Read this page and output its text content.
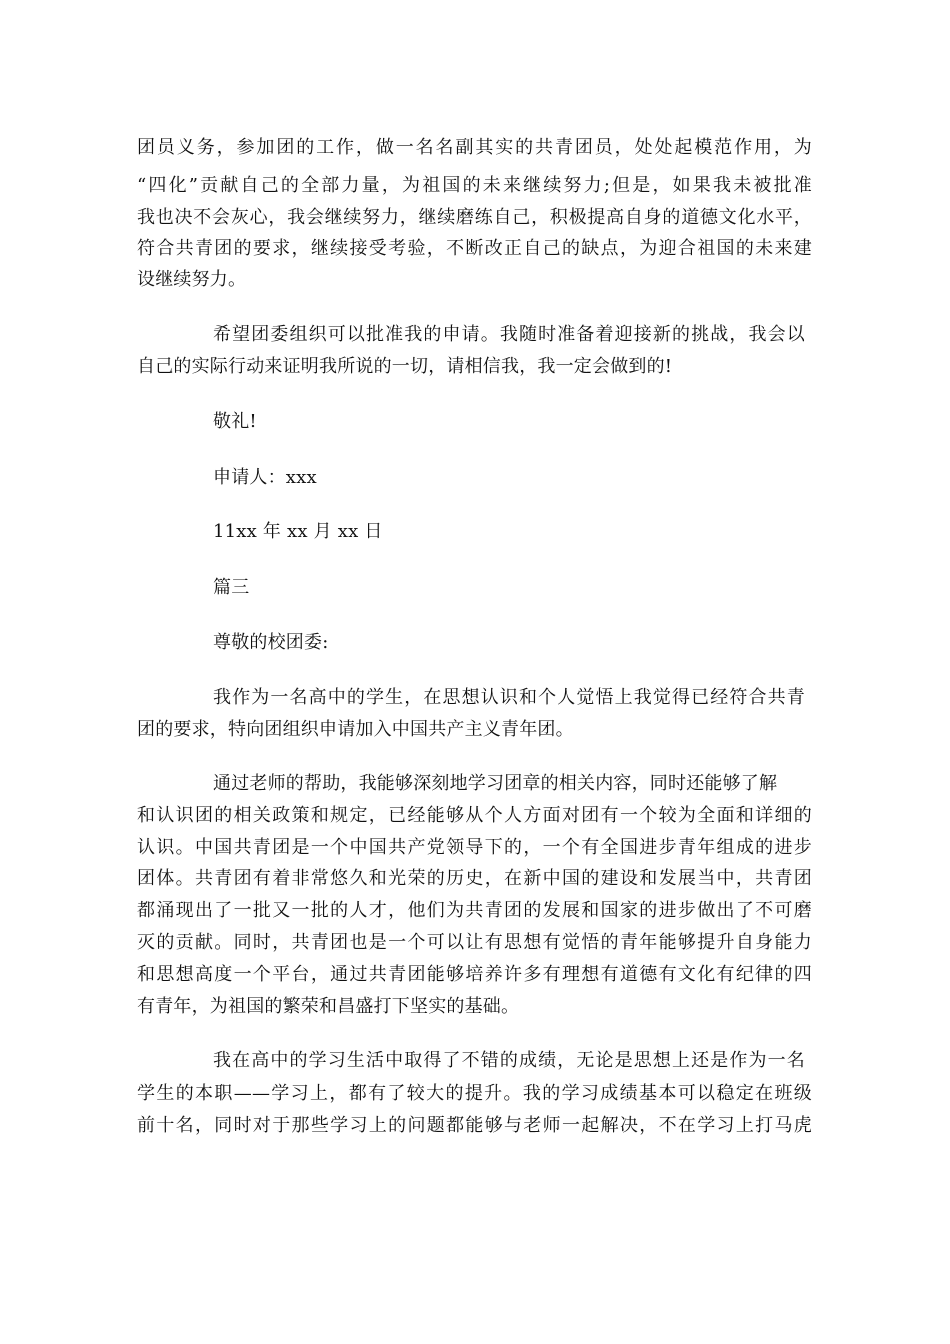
团员义务，参加团的工作，做一名名副其实的共青团员，处处起模范作用，为
“四化”贡献自己的全部力量，为祖国的未来继续努力;但是，如果我未被批准
我也决不会灰心，我会继续努力，继续磨练自己，积极提高自身的道德文化水平，
符合共青团的要求，继续接受考验，不断改正自己的缺点，为迎合祖国的未来建
设继续努力。
希望团委组织可以批准我的申请。我随时准备着迎接新的挑战，我会以
自己的实际行动来证明我所说的一切，请相信我，我一定会做到的!
敬礼!
申请人：xxx
11xx 年 xx 月 xx 日
篇三
尊敬的校团委:
我作为一名高中的学生，在思想认识和个人觉悟上我觉得已经符合共青
团的要求，特向团组织申请加入中国共产主义青年团。
通过老师的帮助，我能够深刻地学习团章的相关内容，同时还能够了解
和认识团的相关政策和规定，已经能够从个人方面对团有一个较为全面和详细的
认识。中国共青团是一个中国共产党领导下的，一个有全国进步青年组成的进步
团体。共青团有着非常悠久和光荣的历史，在新中国的建设和发展当中，共青团
都涌现出了一批又一批的人才，他们为共青团的发展和国家的进步做出了不可磨
灭的贡献。同时，共青团也是一个可以让有思想有觉悟的青年能够提升自身能力
和思想高度一个平台，通过共青团能够培养许多有理想有道德有文化有纪律的四
有青年，为祖国的繁荣和昌盛打下坚实的基础。
我在高中的学习生活中取得了不错的成绩，无论是思想上还是作为一名
学生的本职——学习上，都有了较大的提升。我的学习成绩基本可以稳定在班级
前十名，同时对于那些学习上的问题都能够与老师一起解决，不在学习上打马虎
